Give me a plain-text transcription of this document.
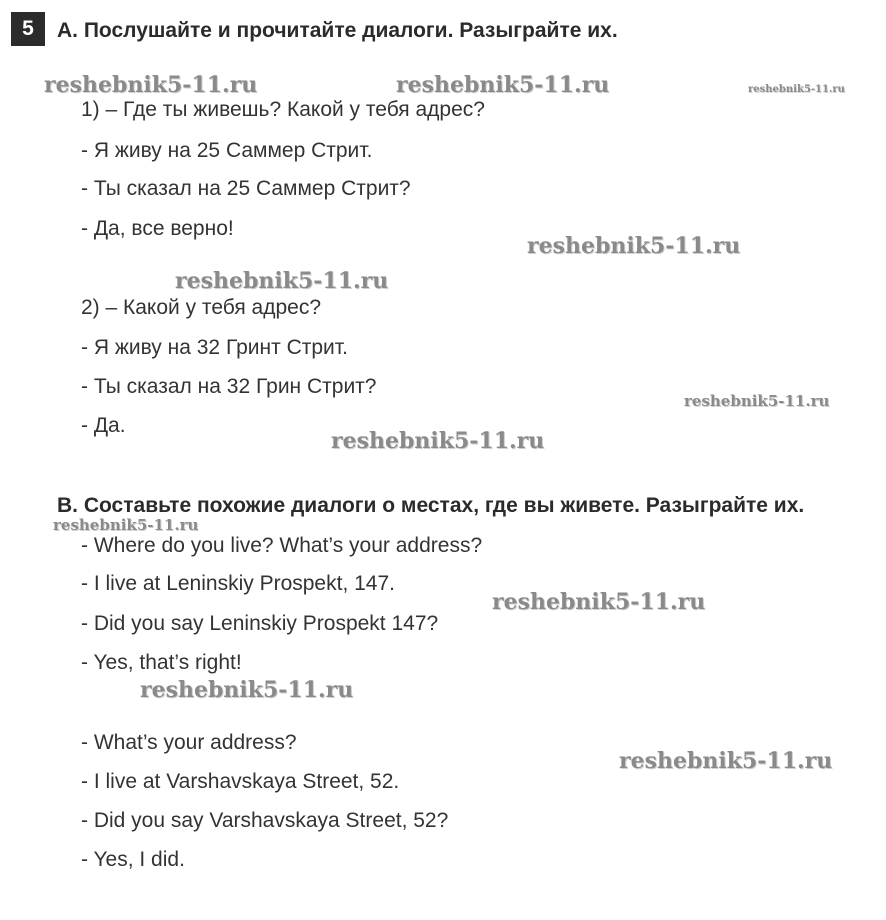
5	A. Послушайте и прочитайте диалоги. Разыграйте их.
1) – Где ты живешь? Какой у тебя адрес?
- Я живу на 25 Саммер Стрит.
- Ты сказал на 25 Саммер Стрит?
- Да, все верно!
2) – Какой у тебя адрес?
- Я живу на 32 Гринт Стрит.
- Ты сказал на 32 Грин Стрит?
- Да.
B. Составьте похожие диалоги о местах, где вы живете. Разыграйте их.
- Where do you live? What’s your address?
- I live at Leninskiy Prospekt, 147.
- Did you say Leninskiy Prospekt 147?
- Yes, that’s right!
- What’s your address?
- I live at Varshavskaya Street, 52.
- Did you say Varshavskaya Street, 52?
- Yes, I did.
reshebnik5-11.ru	reshebnik5-11.ru	reshebnik5-11.ru
reshebnik5-11.ru
reshebnik5-11.ru
reshebnik5-11.ru
reshebnik5-11.ru
reshebnik5-11.ru
reshebnik5-11.ru
reshebnik5-11.ru
reshebnik5-11.ru
